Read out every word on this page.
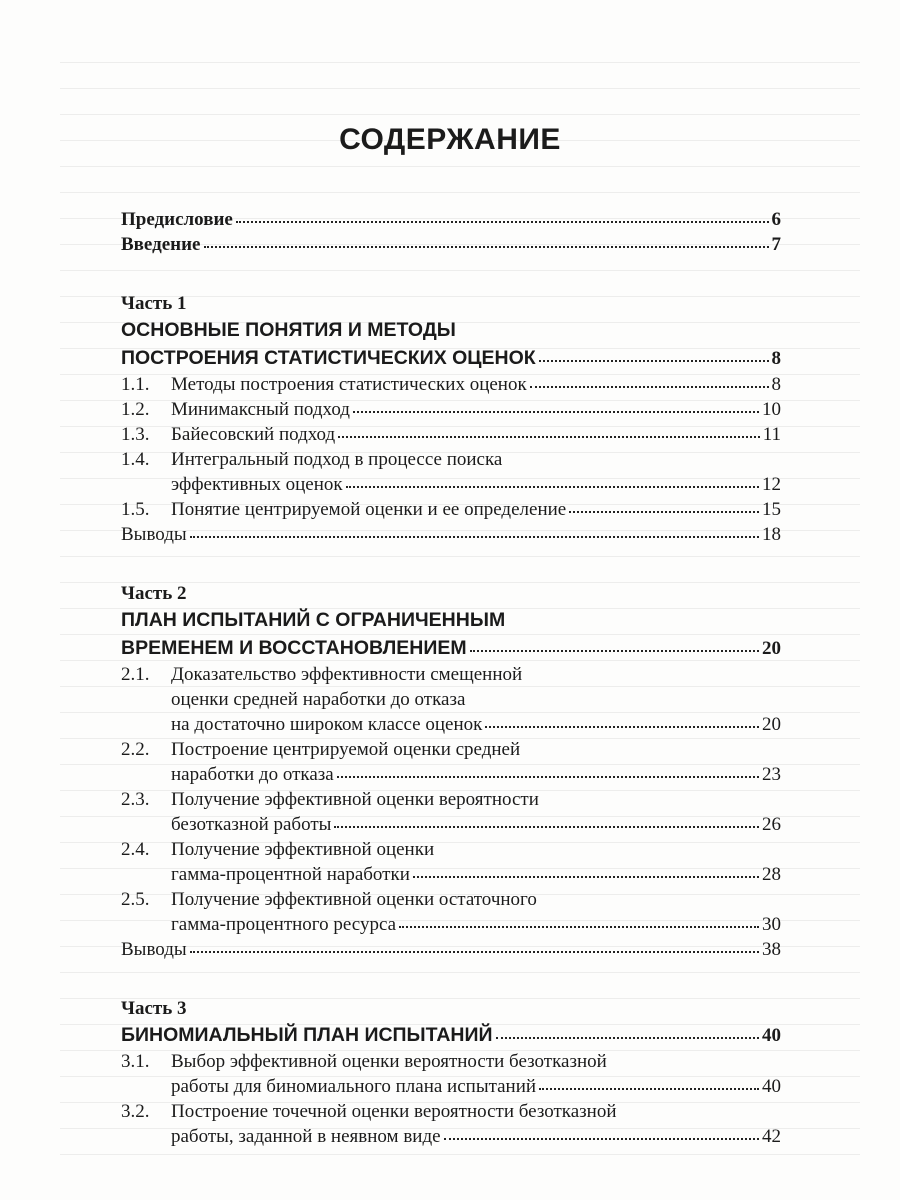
СОДЕРЖАНИЕ
Предисловие	6
Введение	7
Часть 1
ОСНОВНЫЕ ПОНЯТИЯ И МЕТОДЫ
ПОСТРОЕНИЯ СТАТИСТИЧЕСКИХ ОЦЕНОК	8
1.1.	Методы построения статистических оценок	8
1.2.	Минимаксный подход	10
1.3.	Байесовский подход	11
1.4.	Интегральный подход в процессе поиска
эффективных оценок	12
1.5.	Понятие центрируемой оценки и ее определение	15
Выводы	18
Часть 2
ПЛАН ИСПЫТАНИЙ С ОГРАНИЧЕННЫМ
ВРЕМЕНЕМ И ВОССТАНОВЛЕНИЕМ	20
2.1.	Доказательство эффективности смещенной
оценки средней наработки до отказа
на достаточно широком классе оценок	20
2.2.	Построение центрируемой оценки средней
наработки до отказа	23
2.3.	Получение эффективной оценки вероятности
безотказной работы	26
2.4.	Получение эффективной оценки
гамма-процентной наработки	28
2.5.	Получение эффективной оценки остаточного
гамма-процентного ресурса	30
Выводы	38
Часть 3
БИНОМИАЛЬНЫЙ ПЛАН ИСПЫТАНИЙ	40
3.1.	Выбор эффективной оценки вероятности безотказной
работы для биномиального плана испытаний	40
3.2.	Построение точечной оценки вероятности безотказной
работы, заданной в неявном виде	42
